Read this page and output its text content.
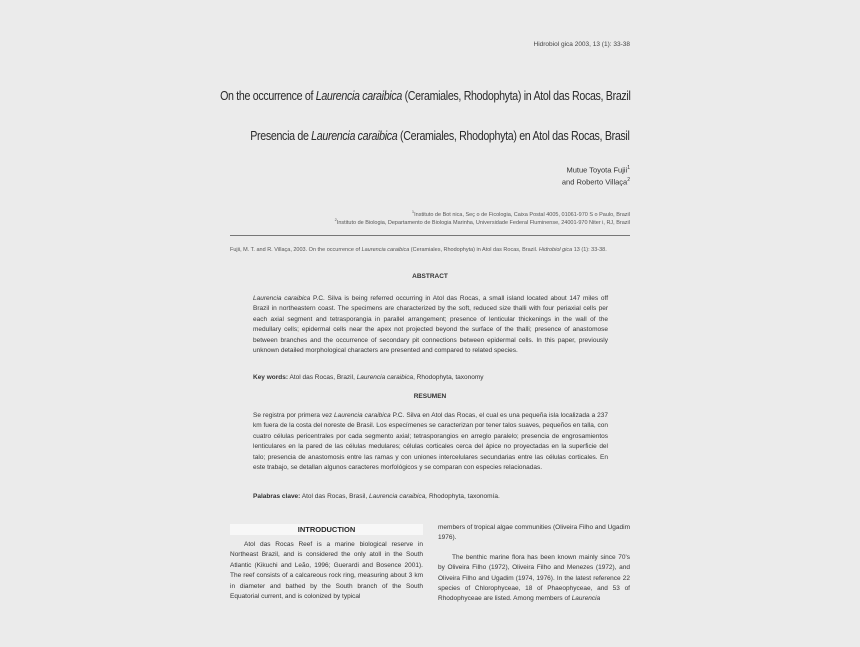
Hidrobiol gica 2003, 13 (1): 33-38
On the occurrence of Laurencia caraibica (Ceramiales, Rhodophyta) in Atol das Rocas, Brazil
Presencia de Laurencia caraibica (Ceramiales, Rhodophyta) en Atol das Rocas, Brasil
Mutue Toyota Fujii$^1$
and Roberto Villaça$^2$
$^1$Instituto de Bot nica, Seç o de Ficologia, Caixa Postal 4005, 01061-970 S o Paulo, Brazil
$^2$Instituto de Biologia, Departamento de Biologia Marinha, Universidade Federal Fluminense, 24001-970 Niter i, RJ, Brazil
Fujii, M. T. and R. Villaça, 2003. On the occurrence of Laurencia caraibica (Ceramiales, Rhodophyta) in Atol das Rocas, Brazil. Hidrobiol gica 13 (1): 33-38.
ABSTRACT
Laurencia caraibica P.C. Silva is being referred occurring in Atol das Rocas, a small island located about 147 miles off Brazil in northeastern coast. The specimens are characterized by the soft, reduced size thalli with four periaxial cells per each axial segment and tetrasporangia in parallel arrangement; presence of lenticular thickenings in the wall of the medullary cells; epidermal cells near the apex not projected beyond the surface of the thalli; presence of anastomose between branches and the occurrence of secondary pit connections between epidermal cells. In this paper, previously unknown detailed morphological characters are presented and compared to related species.
Key words: Atol das Rocas, Brazil, Laurencia caraibica, Rhodophyta, taxonomy
RESUMEN
Se registra por primera vez Laurencia caraibica P.C. Silva en Atol das Rocas, el cual es una pequeña isla localizada a 237 km fuera de la costa del noreste de Brasil. Los especímenes se caracterizan por tener talos suaves, pequeños en talla, con cuatro células pericentrales por cada segmento axial; tetrasporangios en arreglo paralelo; presencia de engrosamientos lenticulares en la pared de las células medulares; células corticales cerca del ápice no proyectadas en la superficie del talo; presencia de anastomosis entre las ramas y con uniones intercelulares secundarias entre las células corticales. En este trabajo, se detallan algunos caracteres morfológicos y se comparan con especies relacionadas.
Palabras clave: Atol das Rocas, Brasil, Laurencia caraibica, Rhodophyta, taxonomía.
INTRODUCTION

Atol das Rocas Reef is a marine biological reserve in Northeast Brazil, and is considered the only atoll in the South Atlantic (Kikuchi and Leão, 1996; Guerardi and Bosence 2001). The reef consists of a calcareous rock ring, measuring about 3 km in diameter and bathed by the South branch of the South Equatorial current, and is colonized by typical

members of tropical algae communities (Oliveira Filho and Ugadim 1976).

The benthic marine flora has been known mainly since 70's by Oliveira Filho (1972), Oliveira Filho and Menezes (1972), and Oliveira Filho and Ugadim (1974, 1976). In the latest reference 22 species of Chlorophyceae, 18 of Phaeophyceae, and 53 of Rhodophyceae are listed. Among members of Laurencia
